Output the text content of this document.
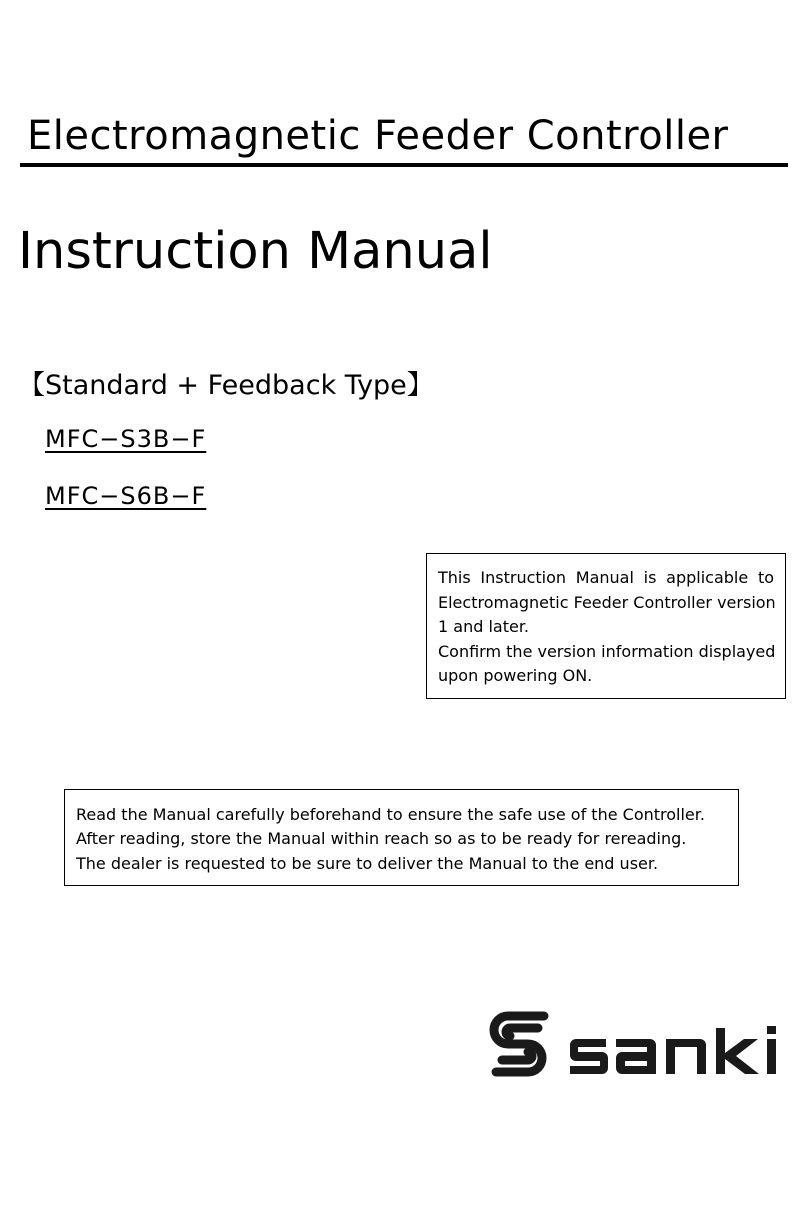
Electromagnetic Feeder Controller
Instruction Manual
【Standard + Feedback Type】
MFC−S3B−F
MFC−S6B−F
This Instruction Manual is applicable to
Electromagnetic Feeder Controller version
1 and later.
Confirm the version information displayed
upon powering ON.
Read the Manual carefully beforehand to ensure the safe use of the Controller.
After reading, store the Manual within reach so as to be ready for rereading.
The dealer is requested to be sure to deliver the Manual to the end user.
